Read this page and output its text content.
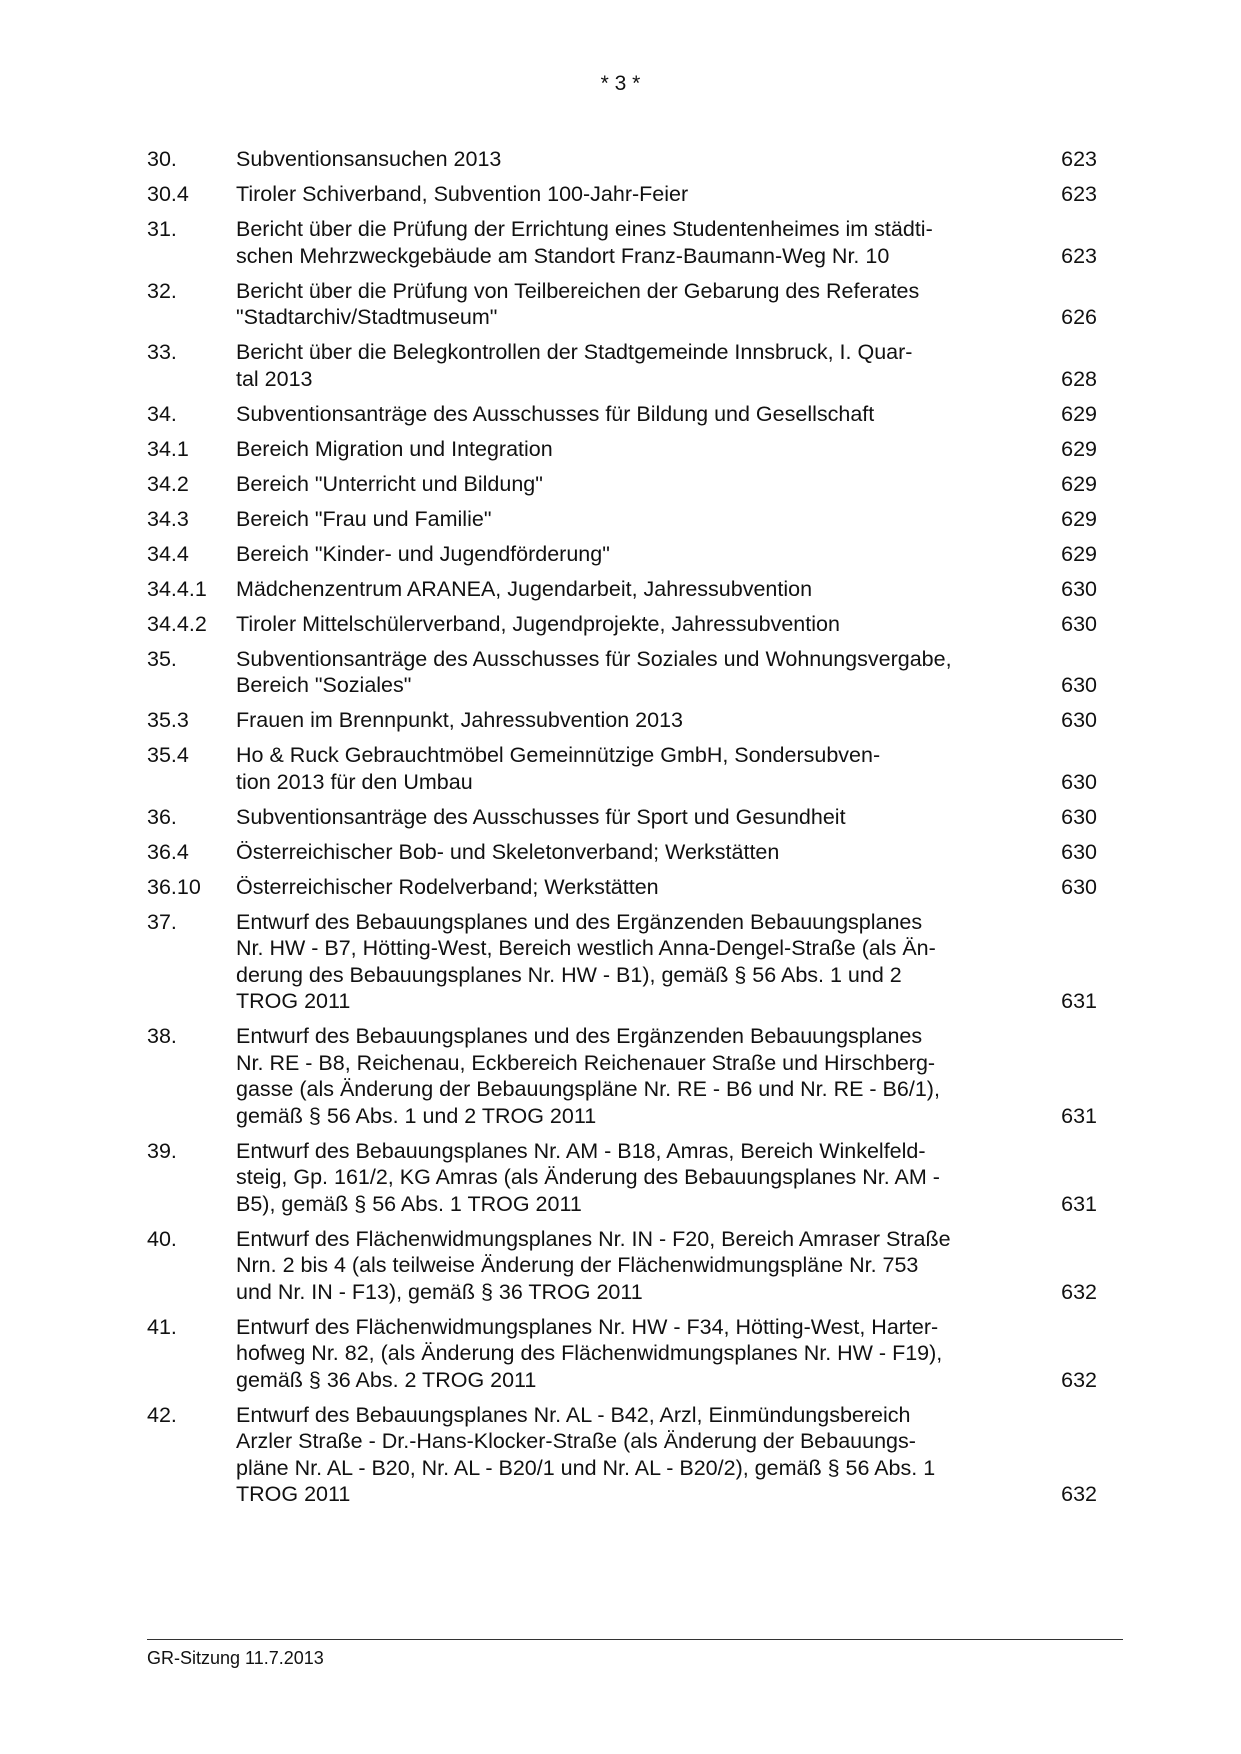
* 3 *
30.	Subventionsansuchen 2013	623
30.4 Tiroler Schiverband, Subvention 100-Jahr-Feier	623
31.	Bericht über die Prüfung der Errichtung eines Studentenheimes im städti-
schen Mehrzweckgebäude am Standort Franz-Baumann-Weg Nr. 10	623
32.	Bericht über die Prüfung von Teilbereichen der Gebarung des Referates
"Stadtarchiv/Stadtmuseum"	626
33.	Bericht über die Belegkontrollen der Stadtgemeinde Innsbruck, I. Quar-
tal 2013	628
34.	Subventionsanträge des Ausschusses für Bildung und Gesellschaft	629
34.1 Bereich Migration und Integration	629
34.2 Bereich "Unterricht und Bildung"	629
34.3 Bereich "Frau und Familie"	629
34.4 Bereich "Kinder- und Jugendförderung"	629
34.4.1 Mädchenzentrum ARANEA, Jugendarbeit, Jahressubvention	630
34.4.2 Tiroler Mittelschülerverband, Jugendprojekte, Jahressubvention	630
35.	Subventionsanträge des Ausschusses für Soziales und Wohnungsvergabe,
Bereich "Soziales"	630
35.3 Frauen im Brennpunkt, Jahressubvention 2013	630
35.4 Ho & Ruck Gebrauchtmöbel Gemeinnützige GmbH, Sondersubven-
tion 2013 für den Umbau	630
36.	Subventionsanträge des Ausschusses für Sport und Gesundheit	630
36.4 Österreichischer Bob- und Skeletonverband; Werkstätten	630
36.10 Österreichischer Rodelverband; Werkstätten	630
37.	Entwurf des Bebauungsplanes und des Ergänzenden Bebauungsplanes
Nr. HW - B7, Hötting-West, Bereich westlich Anna-Dengel-Straße (als Än-
derung des Bebauungsplanes Nr. HW - B1), gemäß § 56 Abs. 1 und 2
TROG 2011	631
38.	Entwurf des Bebauungsplanes und des Ergänzenden Bebauungsplanes
Nr. RE - B8, Reichenau, Eckbereich Reichenauer Straße und Hirschberg-
gasse (als Änderung der Bebauungspläne Nr. RE - B6 und Nr. RE - B6/1),
gemäß § 56 Abs. 1 und 2 TROG 2011	631
39.	Entwurf des Bebauungsplanes Nr. AM - B18, Amras, Bereich Winkelfeld-
steig, Gp. 161/2, KG Amras (als Änderung des Bebauungsplanes Nr. AM -
B5), gemäß § 56 Abs. 1 TROG 2011	631
40.	Entwurf des Flächenwidmungsplanes Nr. IN - F20, Bereich Amraser Straße
Nrn. 2 bis 4 (als teilweise Änderung der Flächenwidmungspläne Nr. 753
und Nr. IN - F13), gemäß § 36 TROG 2011	632
41.	Entwurf des Flächenwidmungsplanes Nr. HW - F34, Hötting-West, Harter-
hofweg Nr. 82, (als Änderung des Flächenwidmungsplanes Nr. HW - F19),
gemäß § 36 Abs. 2 TROG 2011	632
42.	Entwurf des Bebauungsplanes Nr. AL - B42, Arzl, Einmündungsbereich
Arzler Straße - Dr.-Hans-Klocker-Straße (als Änderung der Bebauungs-
pläne Nr. AL - B20, Nr. AL - B20/1 und Nr. AL - B20/2), gemäß § 56 Abs. 1
TROG 2011	632
GR-Sitzung 11.7.2013
